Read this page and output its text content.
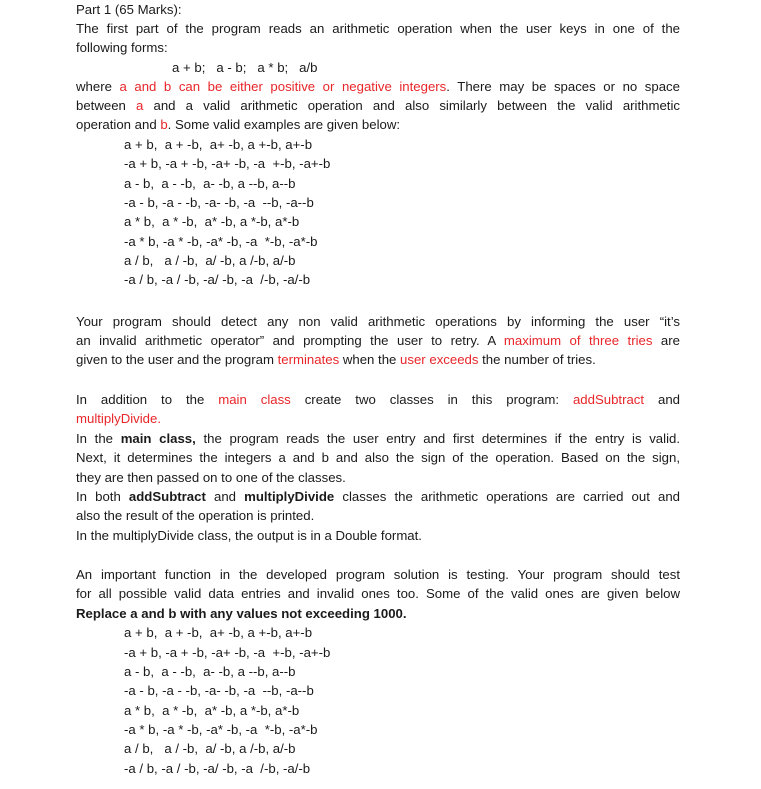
Part 1 (65 Marks):
The first part of the program reads an arithmetic operation when the user keys in one of the
following forms:
a + b;   a - b;   a * b;   a/b
where a and b can be either positive or negative integers. There may be spaces or no space
between a and a valid arithmetic operation and also similarly between the valid arithmetic
operation and b. Some valid examples are given below:
a + b,  a + -b,  a+ -b, a +-b, a+-b
-a + b, -a + -b, -a+ -b, -a  +-b, -a+-b
a - b,  a - -b,  a- -b, a --b, a--b
-a - b, -a - -b, -a- -b, -a  --b, -a--b
a * b,  a * -b,  a* -b, a *-b, a*-b
-a * b, -a * -b, -a* -b, -a  *-b, -a*-b
a / b,   a / -b,  a/ -b, a /-b, a/-b
-a / b, -a / -b, -a/ -b, -a  /-b, -a/-b
Your program should detect any non valid arithmetic operations by informing the user “it’s
an invalid arithmetic operator” and prompting the user to retry. A maximum of three tries are
given to the user and the program terminates when the user exceeds the number of tries.
In addition to the main class create two classes in this program: addSubtract and
multiplyDivide.
In the main class, the program reads the user entry and first determines if the entry is valid.
Next, it determines the integers a and b and also the sign of the operation. Based on the sign,
they are then passed on to one of the classes.
In both addSubtract and multiplyDivide classes the arithmetic operations are carried out and
also the result of the operation is printed.
In the multiplyDivide class, the output is in a Double format.
An important function in the developed program solution is testing. Your program should test
for all possible valid data entries and invalid ones too. Some of the valid ones are given below
Replace a and b with any values not exceeding 1000.
a + b,  a + -b,  a+ -b, a +-b, a+-b
-a + b, -a + -b, -a+ -b, -a  +-b, -a+-b
a - b,  a - -b,  a- -b, a --b, a--b
-a - b, -a - -b, -a- -b, -a  --b, -a--b
a * b,  a * -b,  a* -b, a *-b, a*-b
-a * b, -a * -b, -a* -b, -a  *-b, -a*-b
a / b,   a / -b,  a/ -b, a /-b, a/-b
-a / b, -a / -b, -a/ -b, -a  /-b, -a/-b
